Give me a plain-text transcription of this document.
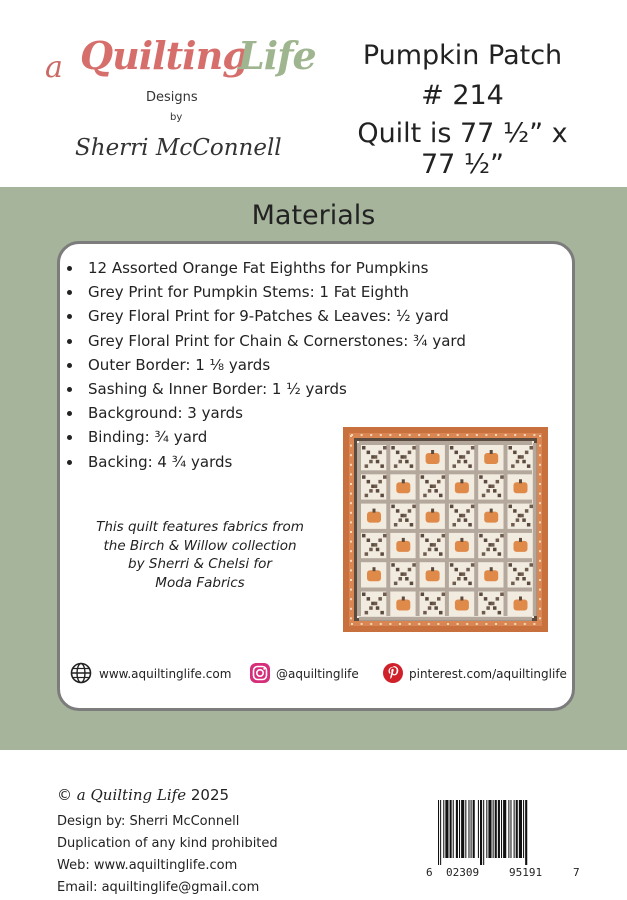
a Quilting
Life
Designs
by
Sherri McConnell
Pumpkin Patch
# 214
Quilt is 77 ½” x 77 ½”
Materials
12 Assorted Orange Fat Eighths for Pumpkins
Grey Print for Pumpkin Stems: 1 Fat Eighth
Grey Floral Print for 9-Patches & Leaves: ½ yard
Grey Floral Print for Chain & Cornerstones: ¾ yard
Outer Border: 1 ⅛ yards
Sashing & Inner Border: 1 ½ yards
Background: 3 yards
Binding: ¾ yard
Backing: 4 ¾ yards
This quilt features fabrics from
the Birch & Willow collection
by Sherri & Chelsi for
Moda Fabrics
www.aquiltinglife.com	@aquiltinglife	pinterest.com/aquiltinglife
© a Quilting Life 2025
Design by: Sherri McConnell
Duplication of any kind prohibited
Web: www.aquiltinglife.com
Email: aquiltinglife@gmail.com
6 02309	95191	7
